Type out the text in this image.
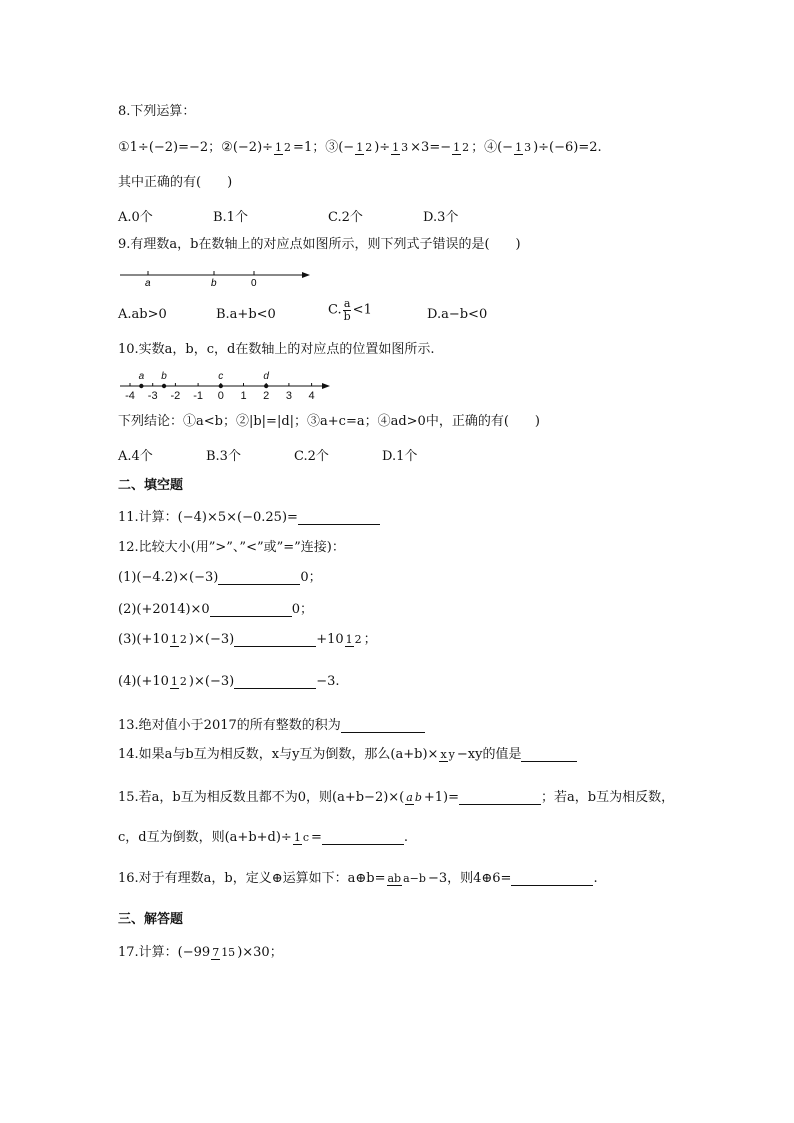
8.下列运算：
①1÷(−2)=−2；②(−2)÷ 1 2 =1；③(− 1 2 )÷ 1 3 ×3=− 1 2 ；④(− 1 3 )÷(−6)=2.
其中正确的有(　　)
A.0个	B.1个	C.2个	D.3个
9.有理数a，b在数轴上的对应点如图所示，则下列式子错误的是(　　)
a	b	0
A.ab>0	B.a+b<0	C. $\frac{a}{b} <1$	D.a−b<0
10.实数a，b，c，d在数轴上的对应点的位置如图所示.
-4 -3 -2 -1 0 1 2 3 4
a b	c	d
下列结论：①a<b；②|b|=|d|；③a+c=a；④ad>0中，正确的有(　　)
A.4个	B.3个	C.2个	D.1个
二、填空题
11.计算：(−4)×5×(−0.25)=
12.比较大小(用”>”、”<”或”=”连接)：
(1)(−4.2)×(−3)	0；
(2)(+2014)×0	0；
(3)(+10 1 2 )×(−3)	+10 1 2 ；
(4)(+10 1 2 )×(−3)	−3.
13.绝对值小于2017的所有整数的积为
14.如果a与b互为相反数，x与y互为倒数，那么(a+b)× x y −xy的值是
15.若a，b互为相反数且都不为0，则(a+b−2)×( a b +1)=	；若a，b互为相反数，
c，d互为倒数，则(a+b+d)÷ 1 c =	.
16.对于有理数a，b，定义⊕运算如下：a⊕b= ab a−b −3，则4⊕6=	.
三、解答题
17.计算：(−99 7 15 )×30；
